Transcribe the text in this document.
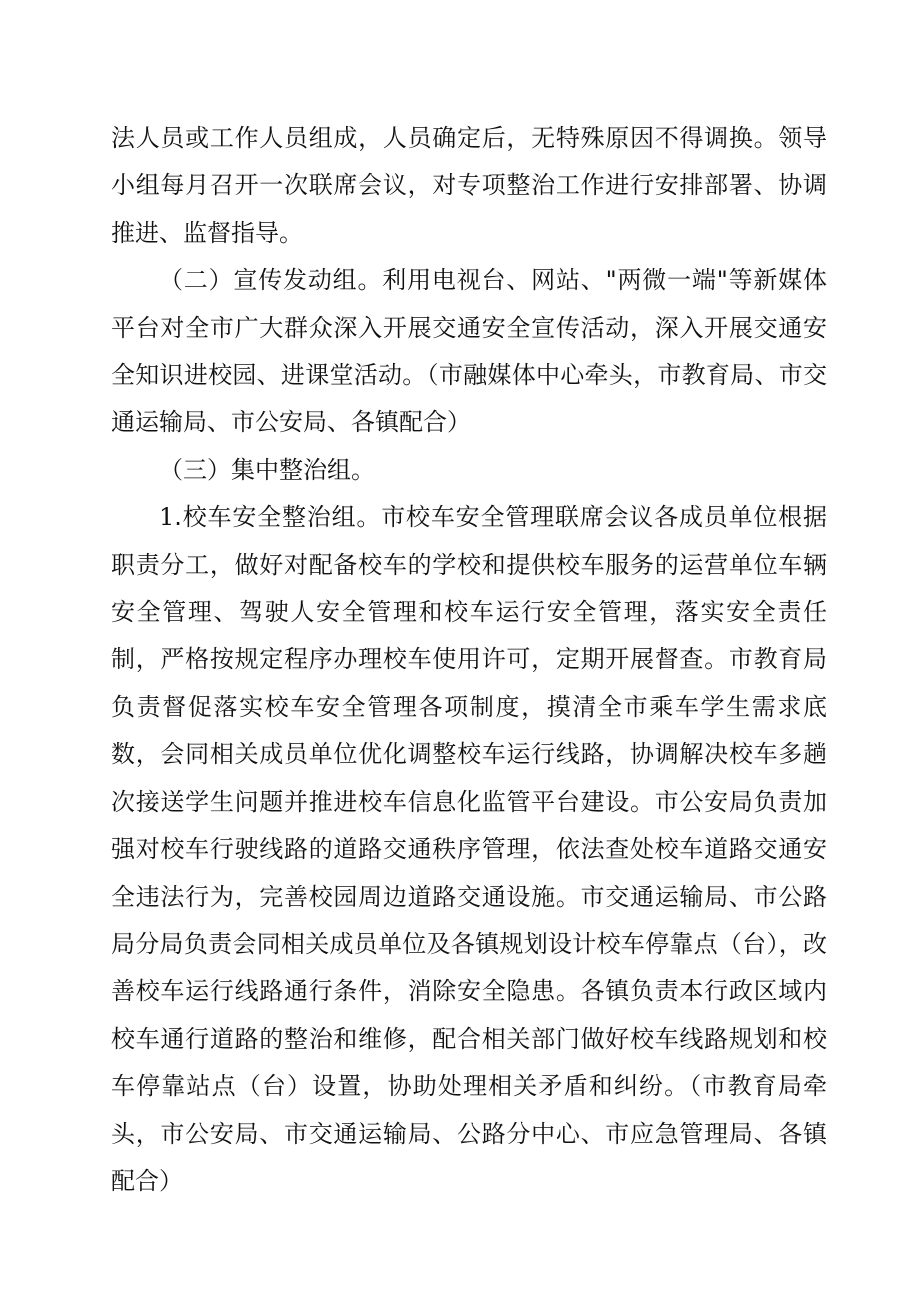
法人员或工作人员组成，人员确定后，无特殊原因不得调换。领导小组每月召开一次联席会议，对专项整治工作进行安排部署、协调推进、监督指导。

（二）宣传发动组。利用电视台、网站、"两微一端"等新媒体平台对全市广大群众深入开展交通安全宣传活动，深入开展交通安全知识进校园、进课堂活动。（市融媒体中心牵头，市教育局、市交通运输局、市公安局、各镇配合）

（三）集中整治组。

1.校车安全整治组。市校车安全管理联席会议各成员单位根据职责分工，做好对配备校车的学校和提供校车服务的运营单位车辆安全管理、驾驶人安全管理和校车运行安全管理，落实安全责任制，严格按规定程序办理校车使用许可，定期开展督查。市教育局负责督促落实校车安全管理各项制度，摸清全市乘车学生需求底数，会同相关成员单位优化调整校车运行线路，协调解决校车多趟次接送学生问题并推进校车信息化监管平台建设。市公安局负责加强对校车行驶线路的道路交通秩序管理，依法查处校车道路交通安全违法行为，完善校园周边道路交通设施。市交通运输局、市公路局分局负责会同相关成员单位及各镇规划设计校车停靠点（台），改善校车运行线路通行条件，消除安全隐患。各镇负责本行政区域内校车通行道路的整治和维修，配合相关部门做好校车线路规划和校车停靠站点（台）设置，协助处理相关矛盾和纠纷。（市教育局牵头，市公安局、市交通运输局、公路分中心、市应急管理局、各镇配合）
